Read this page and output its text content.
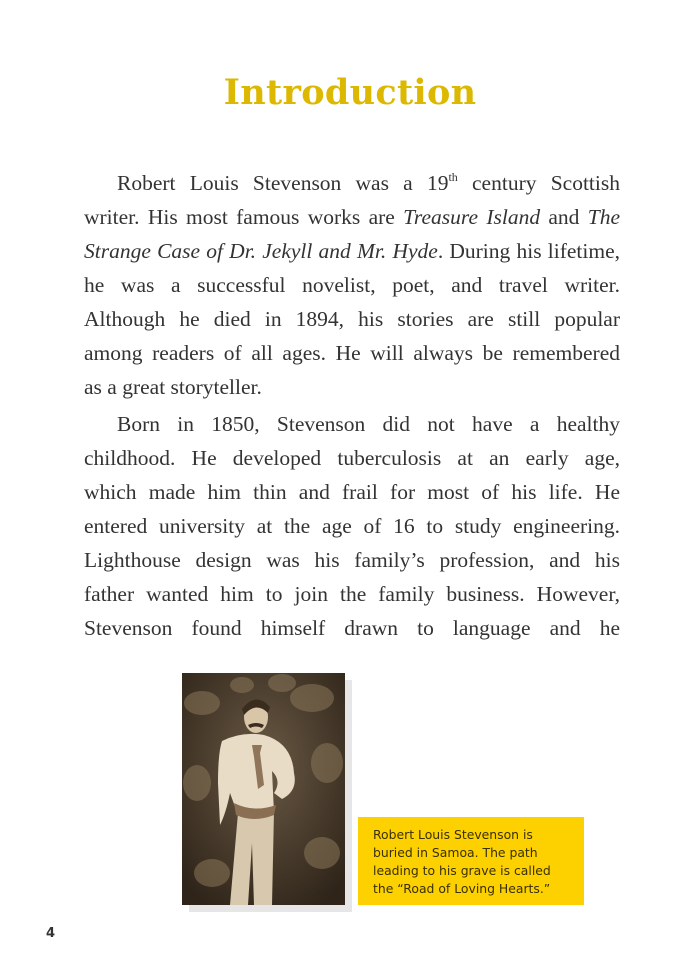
Introduction
Robert Louis Stevenson was a 19th century Scottish
writer. His most famous works are Treasure Island and The
Strange Case of Dr. Jekyll and Mr. Hyde. During his lifetime,
he was a successful novelist, poet, and travel writer.
Although he died in 1894, his stories are still popular
among readers of all ages. He will always be remembered
as a great storyteller.
Born in 1850, Stevenson did not have a healthy
childhood. He developed tuberculosis at an early age,
which made him thin and frail for most of his life. He
entered university at the age of 16 to study engineering.
Lighthouse design was his family’s profession, and his
father wanted him to join the family business. However,
Stevenson found himself drawn to language and he
Robert Louis Stevenson is buried in Samoa. The path leading to his grave is called the “Road of Loving Hearts.”
4
